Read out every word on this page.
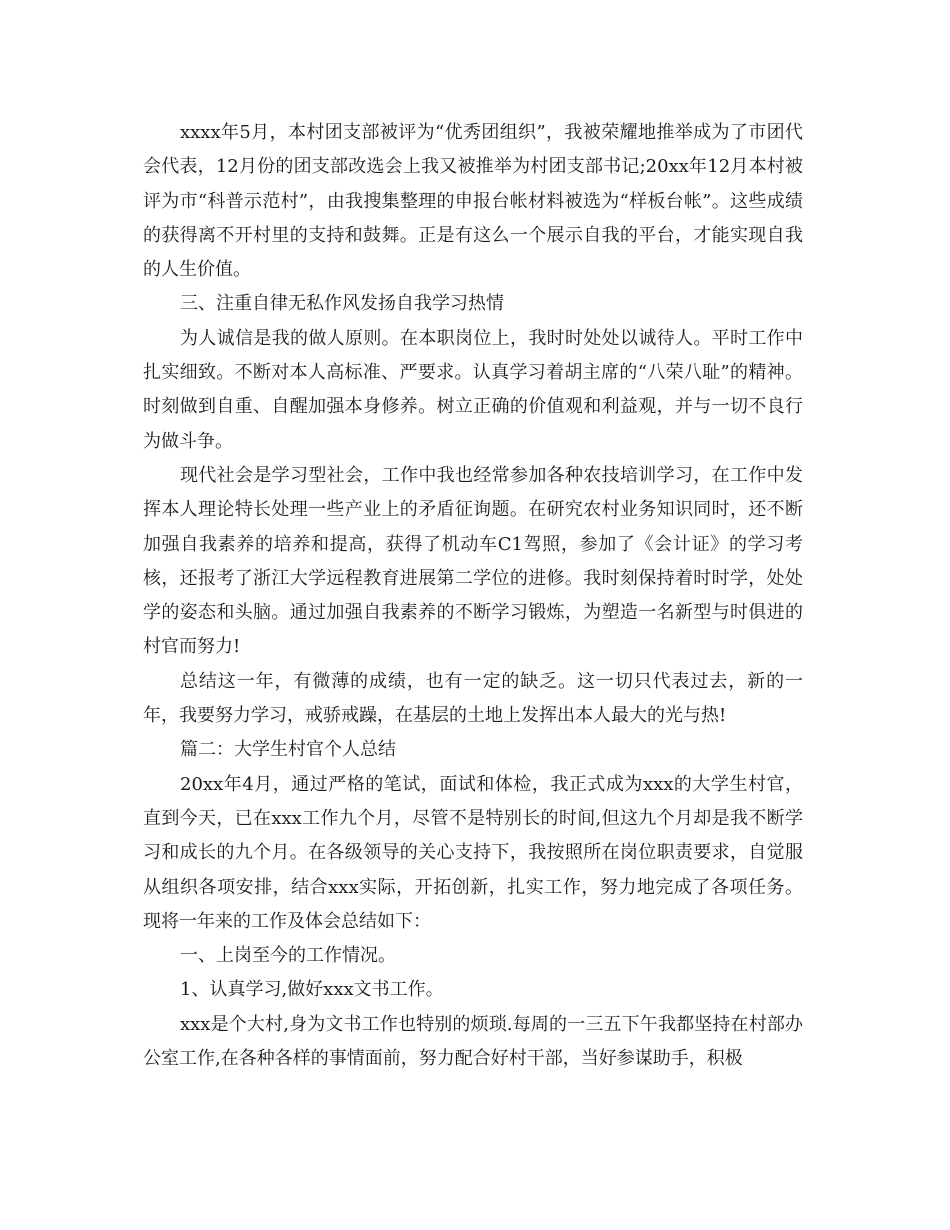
xxxx年5月，本村团支部被评为“优秀团组织”，我被荣耀地推举成为了市团代会代表，12月份的团支部改选会上我又被推举为村团支部书记;20xx年12月本村被评为市“科普示范村”，由我搜集整理的申报台帐材料被选为“样板台帐”。这些成绩的获得离不开村里的支持和鼓舞。正是有这么一个展示自我的平台，才能实现自我的人生价值。

三、注重自律无私作风发扬自我学习热情

为人诚信是我的做人原则。在本职岗位上，我时时处处以诚待人。平时工作中扎实细致。不断对本人高标准、严要求。认真学习着胡主席的“八荣八耻”的精神。时刻做到自重、自醒加强本身修养。树立正确的价值观和利益观，并与一切不良行为做斗争。

现代社会是学习型社会，工作中我也经常参加各种农技培训学习，在工作中发挥本人理论特长处理一些产业上的矛盾征询题。在研究农村业务知识同时，还不断加强自我素养的培养和提高，获得了机动车C1驾照，参加了《会计证》的学习考核，还报考了浙江大学远程教育进展第二学位的进修。我时刻保持着时时学，处处学的姿态和头脑。通过加强自我素养的不断学习锻炼，为塑造一名新型与时俱进的村官而努力!

总结这一年，有微薄的成绩，也有一定的缺乏。这一切只代表过去，新的一年，我要努力学习，戒骄戒躁，在基层的土地上发挥出本人最大的光与热!

篇二：大学生村官个人总结

20xx年4月，通过严格的笔试，面试和体检，我正式成为xxx的大学生村官，直到今天，已在xxx工作九个月，尽管不是特别长的时间,但这九个月却是我不断学习和成长的九个月。在各级领导的关心支持下，我按照所在岗位职责要求，自觉服从组织各项安排，结合xxx实际，开拓创新，扎实工作，努力地完成了各项任务。现将一年来的工作及体会总结如下：

一、上岗至今的工作情况。

1、认真学习,做好xxx文书工作。

xxx是个大村,身为文书工作也特别的烦琐.每周的一三五下午我都坚持在村部办公室工作,在各种各样的事情面前，努力配合好村干部，当好参谋助手，积极
